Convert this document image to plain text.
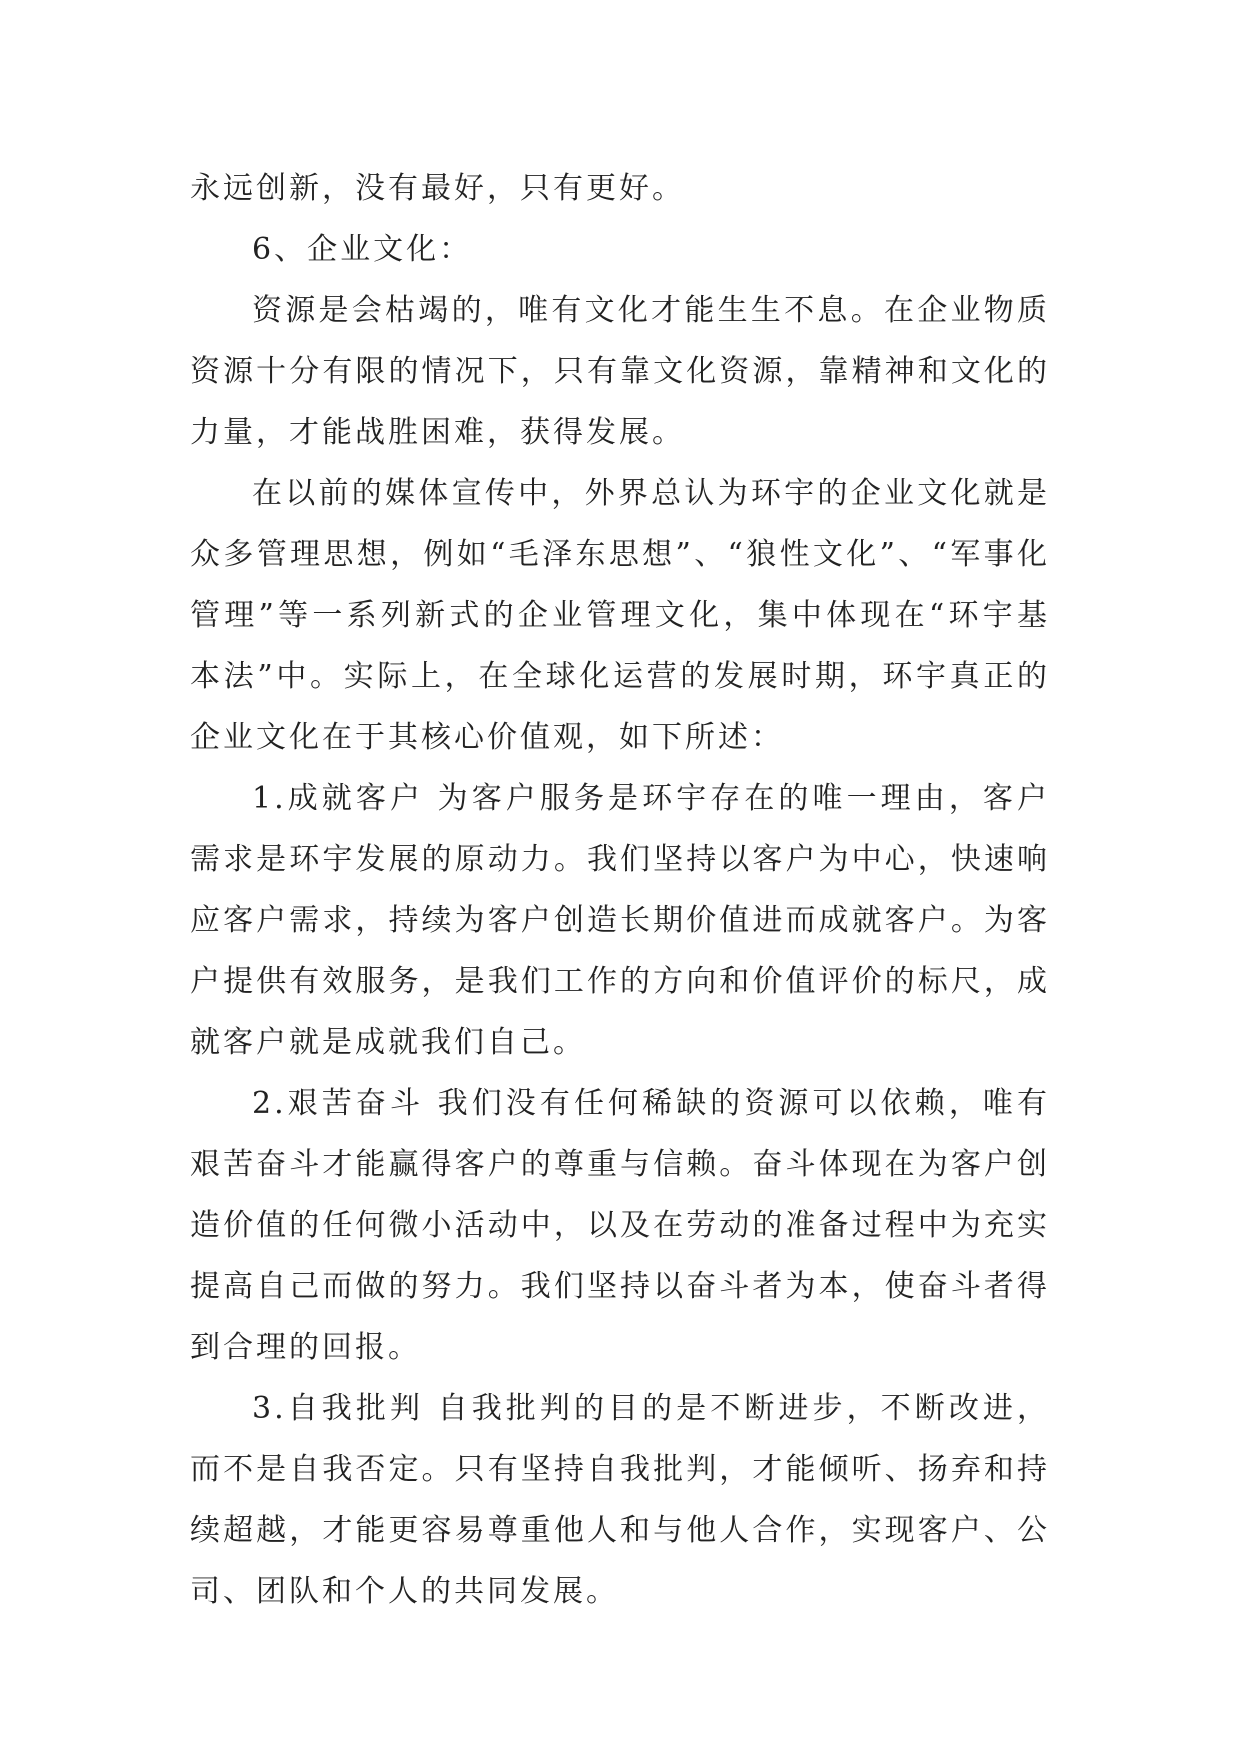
永远创新，没有最好，只有更好。

6、企业文化：

资源是会枯竭的，唯有文化才能生生不息。在企业物质资源十分有限的情况下，只有靠文化资源，靠精神和文化的力量，才能战胜困难，获得发展。

在以前的媒体宣传中，外界总认为环宇的企业文化就是众多管理思想，例如“毛泽东思想”、“狼性文化”、“军事化管理”等一系列新式的企业管理文化，集中体现在“环宇基本法”中。实际上，在全球化运营的发展时期，环宇真正的企业文化在于其核心价值观，如下所述：

1.成就客户 为客户服务是环宇存在的唯一理由，客户需求是环宇发展的原动力。我们坚持以客户为中心，快速响应客户需求，持续为客户创造长期价值进而成就客户。为客户提供有效服务，是我们工作的方向和价值评价的标尺，成就客户就是成就我们自己。

2.艰苦奋斗 我们没有任何稀缺的资源可以依赖，唯有艰苦奋斗才能赢得客户的尊重与信赖。奋斗体现在为客户创造价值的任何微小活动中，以及在劳动的准备过程中为充实提高自己而做的努力。我们坚持以奋斗者为本，使奋斗者得到合理的回报。

3.自我批判 自我批判的目的是不断进步，不断改进，而不是自我否定。只有坚持自我批判，才能倾听、扬弃和持续超越，才能更容易尊重他人和与他人合作，实现客户、公司、团队和个人的共同发展。
